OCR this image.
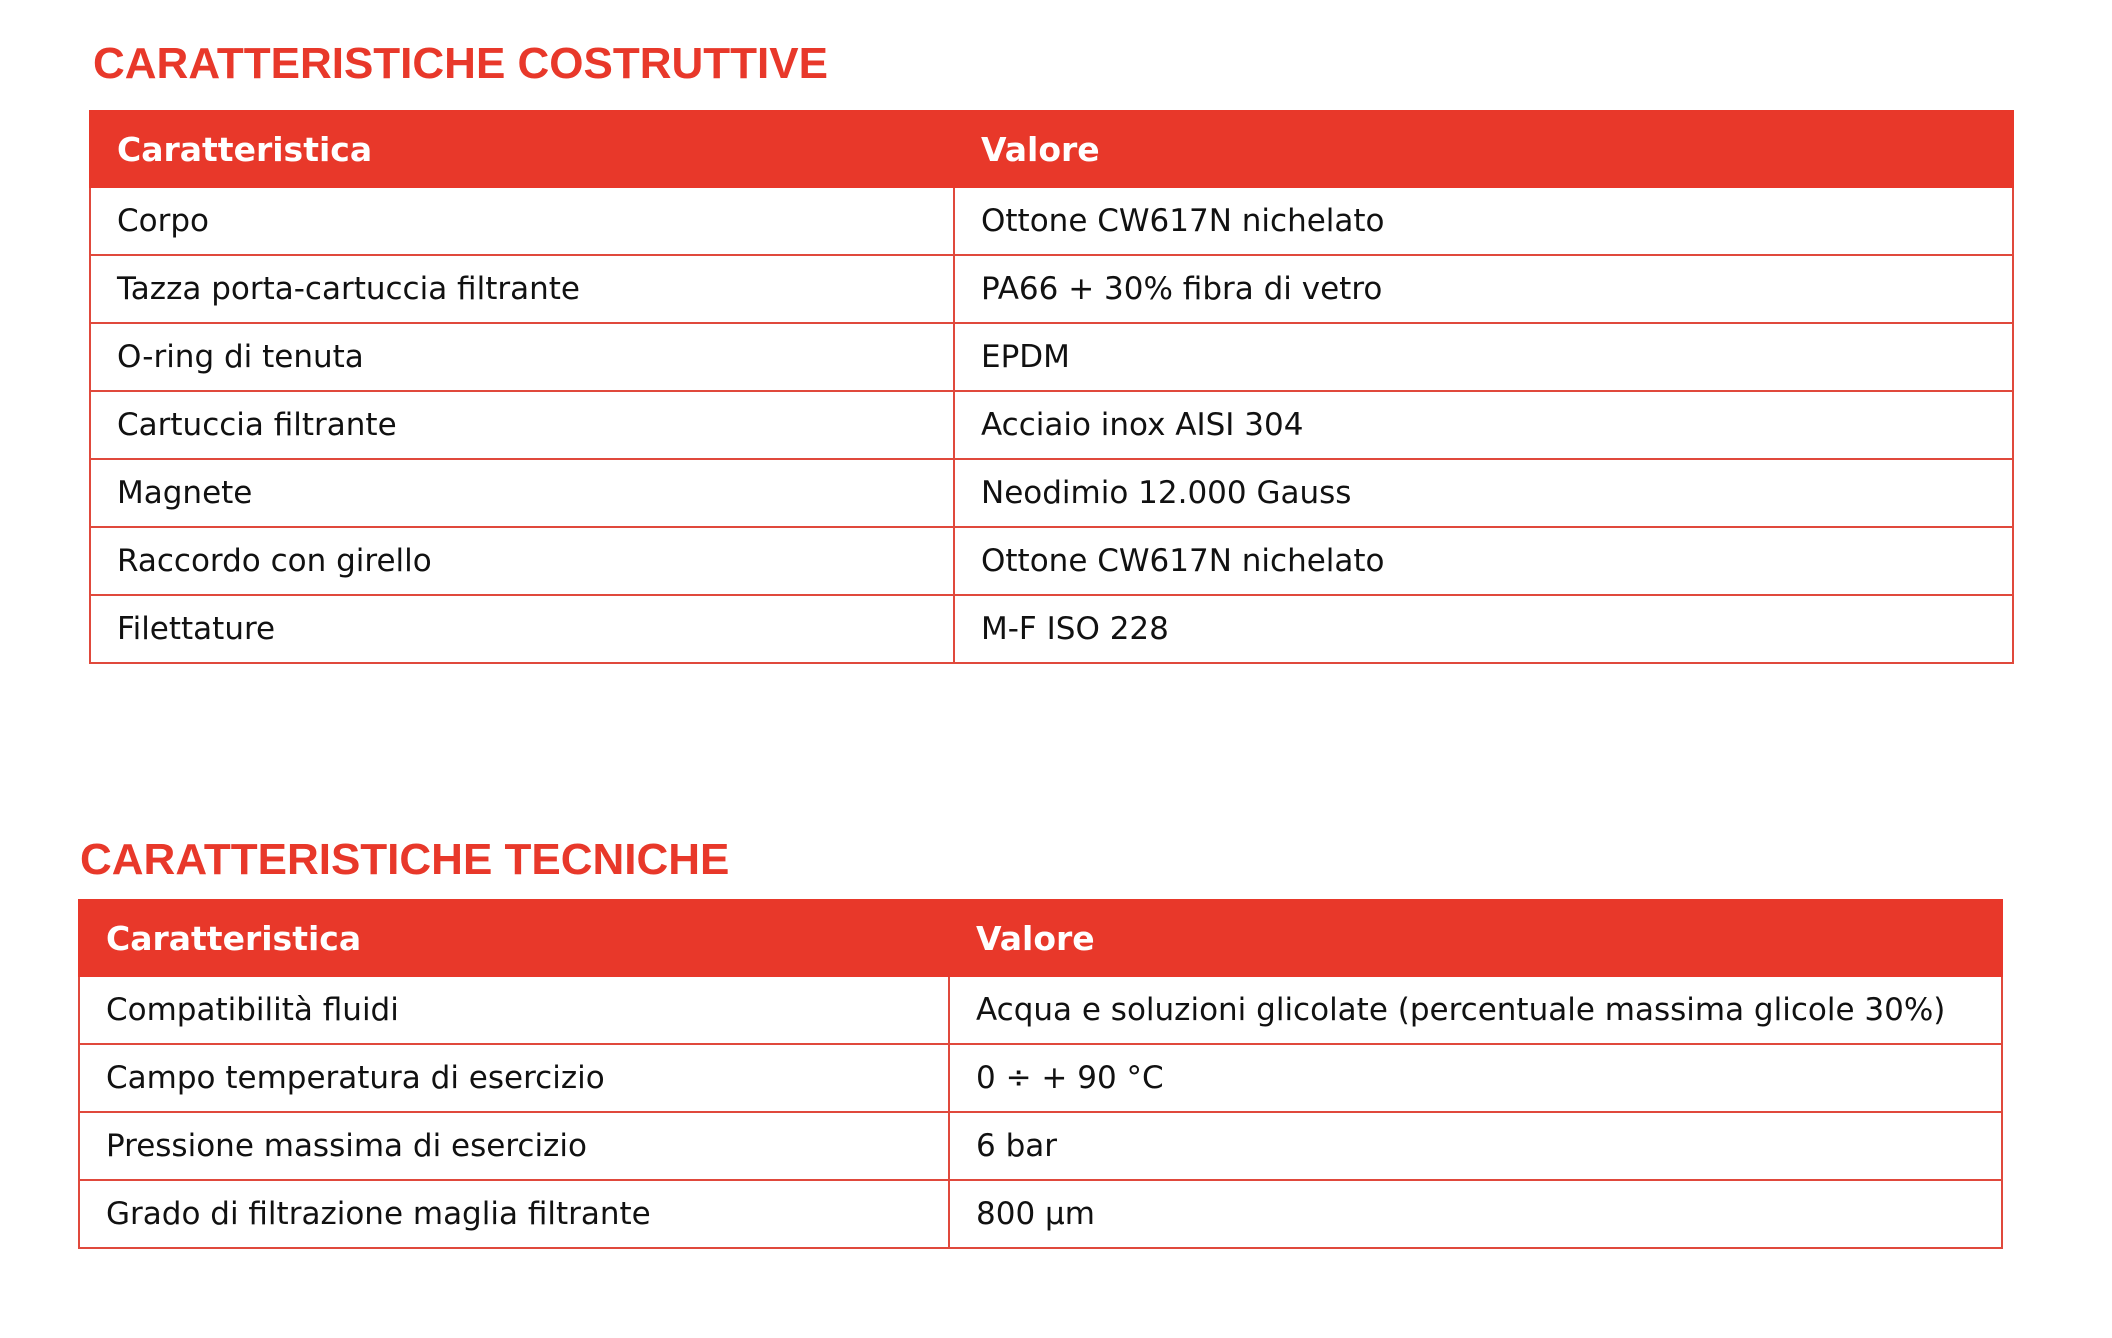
CARATTERISTICHE COSTRUTTIVE
Caratteristica	Valore
Corpo	Ottone CW617N nichelato
Tazza porta-cartuccia filtrante	PA66 + 30% fibra di vetro
O-ring di tenuta	EPDM
Cartuccia filtrante	Acciaio inox AISI 304
Magnete	Neodimio 12.000 Gauss
Raccordo con girello	Ottone CW617N nichelato
Filettature	M-F ISO 228
CARATTERISTICHE TECNICHE
Caratteristica	Valore
Compatibilità fluidi	Acqua e soluzioni glicolate (percentuale massima glicole 30%)
Campo temperatura di esercizio	0 ÷ + 90 °C
Pressione massima di esercizio	6 bar
Grado di filtrazione maglia filtrante	800 µm
